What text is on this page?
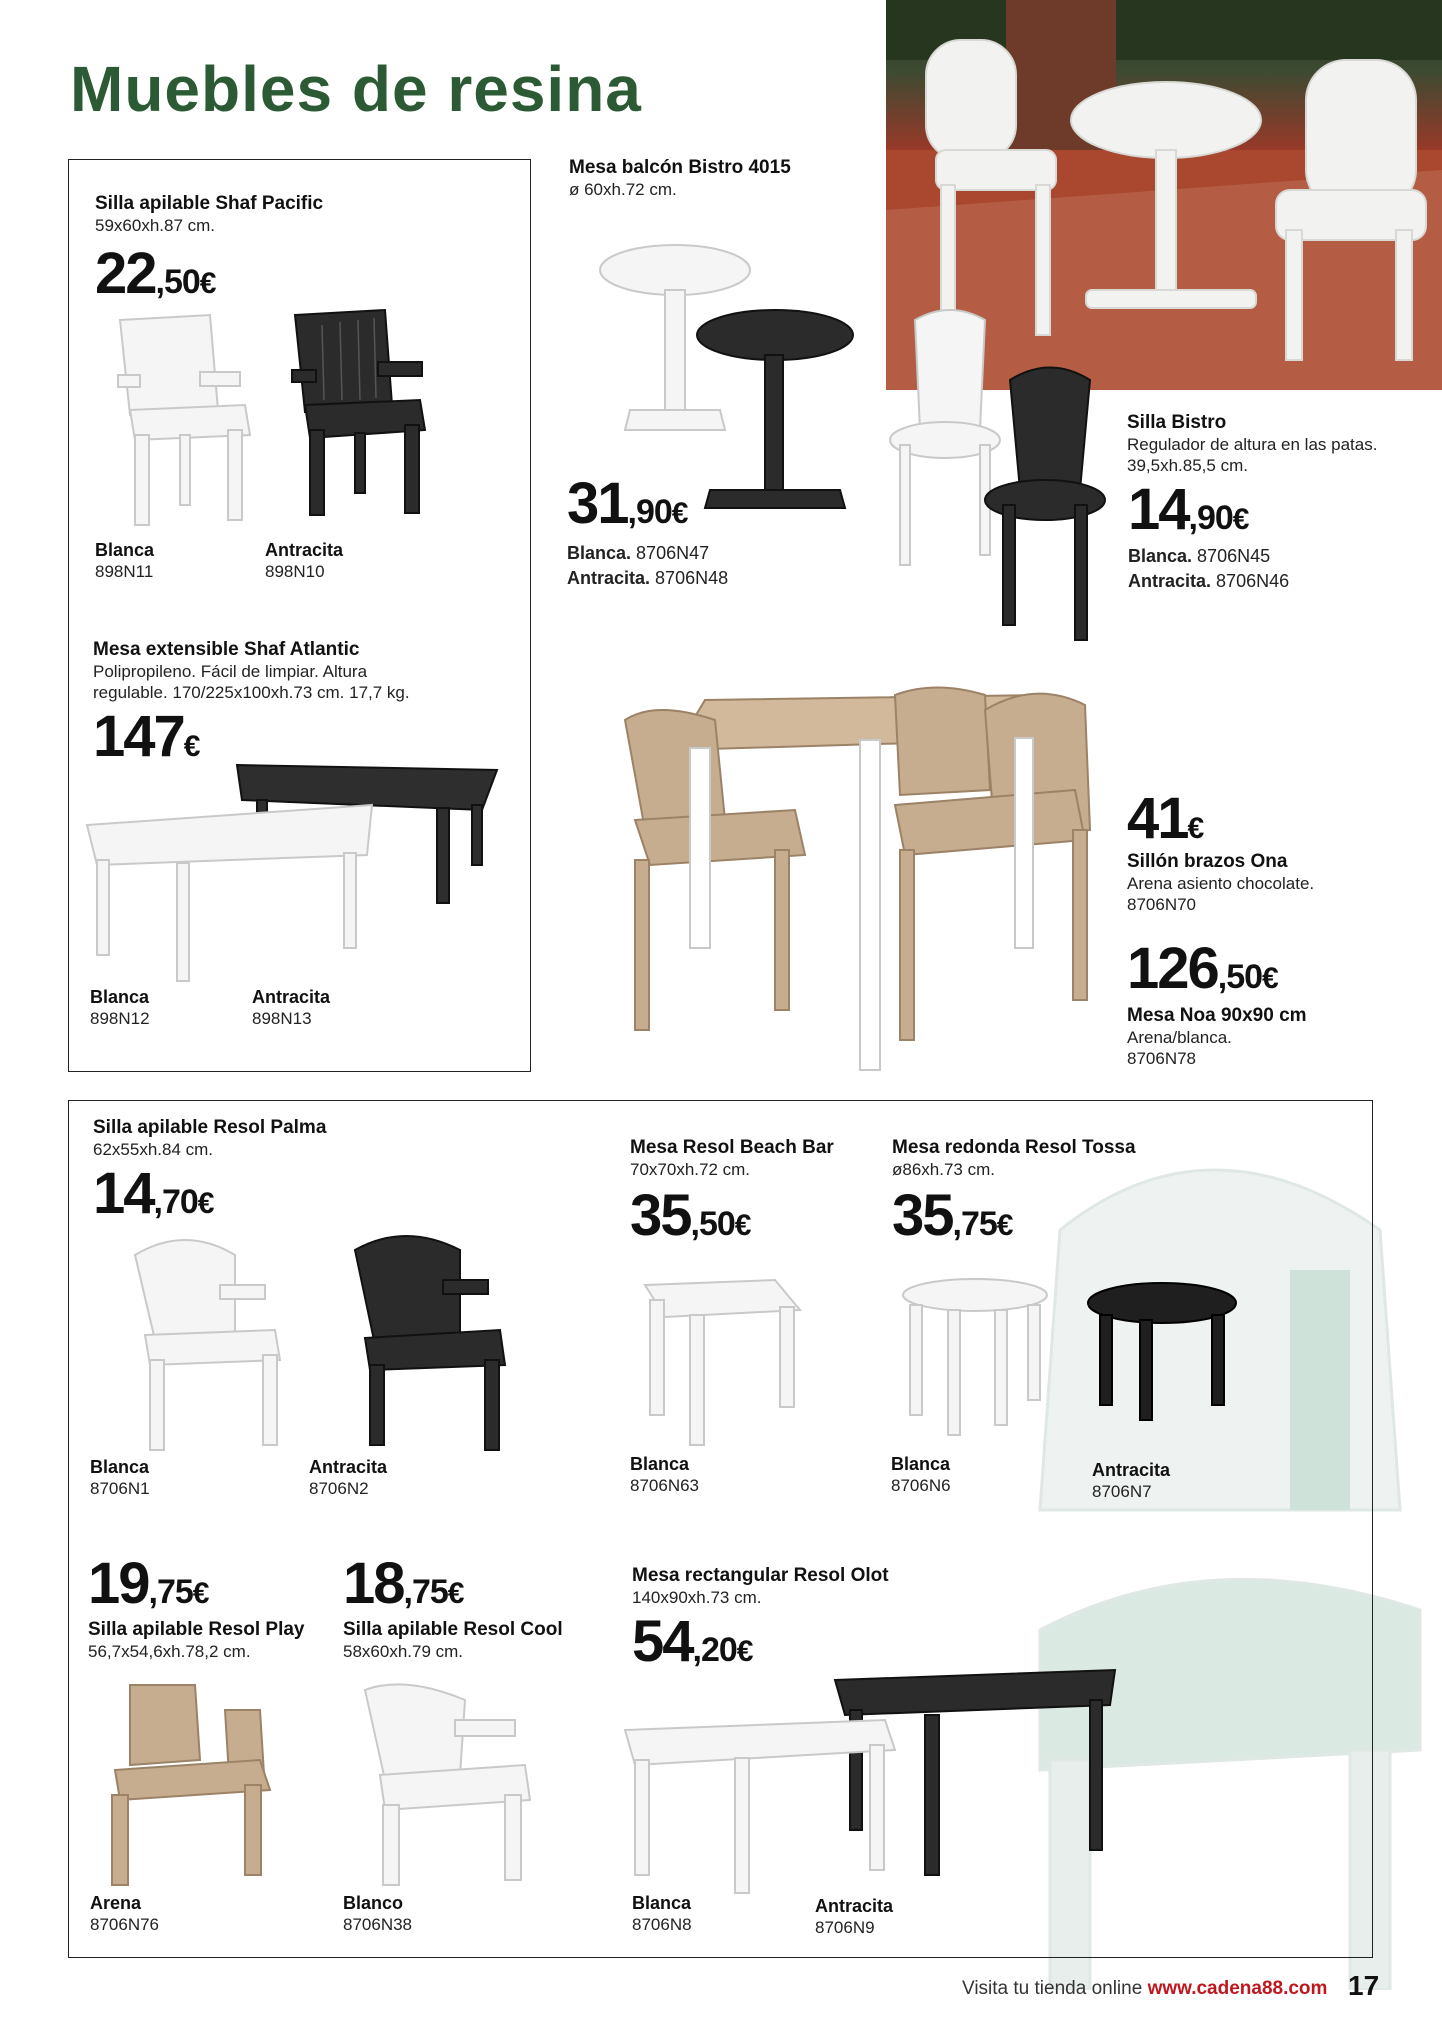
Muebles de resina
Silla apilable Shaf Pacific
59x60xh.87 cm.
22,50€
Blanca
898N11
Antracita
898N10
Mesa extensible Shaf Atlantic
Polipropileno. Fácil de limpiar. Altura
regulable. 170/225x100xh.73 cm. 17,7 kg.
147€
Blanca
898N12
Antracita
898N13
Mesa balcón Bistro 4015
ø 60xh.72 cm.
31,90€
Blanca. 8706N47
Antracita. 8706N48
Silla Bistro
Regulador de altura en las patas.
39,5xh.85,5 cm.
14,90€
Blanca. 8706N45
Antracita. 8706N46
41€
Sillón brazos Ona
Arena asiento chocolate.
8706N70
126,50€
Mesa Noa 90x90 cm
Arena/blanca.
8706N78
Silla apilable Resol Palma
62x55xh.84 cm.
14,70€
Blanca
8706N1
Antracita
8706N2
Mesa Resol Beach Bar
70x70xh.72 cm.
35,50€
Blanca
8706N63
Mesa redonda Resol Tossa
ø86xh.73 cm.
35,75€
Blanca
8706N6
Antracita
8706N7
19,75€
Silla apilable Resol Play
56,7x54,6xh.78,2 cm.
Arena
8706N76
18,75€
Silla apilable Resol Cool
58x60xh.79 cm.
Blanco
8706N38
Mesa rectangular Resol Olot
140x90xh.73 cm.
54,20€
Blanca
8706N8
Antracita
8706N9
Visita tu tienda online www.cadena88.com 17
